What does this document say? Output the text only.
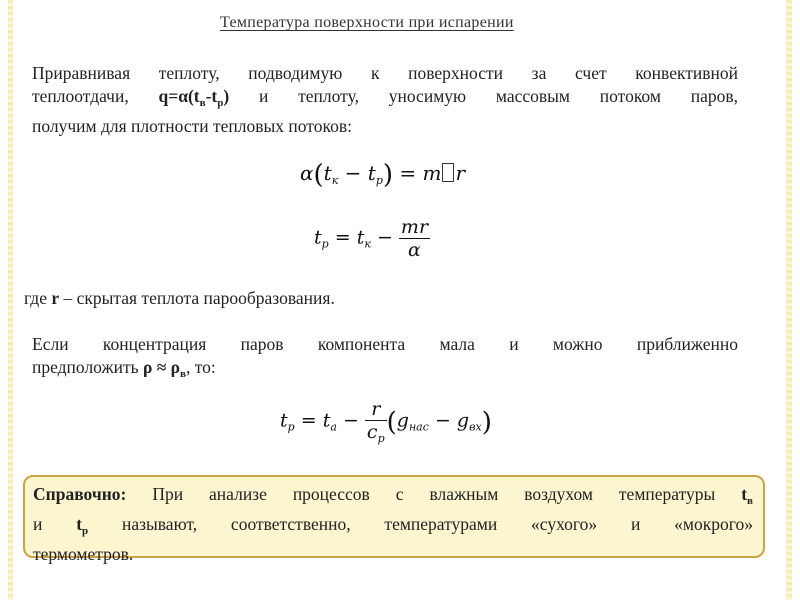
Температура поверхности при испарении
Приравнивая теплоту, подводимую к поверхности за счет конвективной
теплоотдачи, $q=\alpha(t_в-t_р)$ и теплоту, уносимую массовым потоком паров,
получим для плотности тепловых потоков:
$\alpha(t_к - t_р) = m$ r
$t_р = t_к - \frac{mr}{\alpha}$
где r – скрытая теплота парообразования.
Если концентрация паров компонента мала и можно приближенно
предположить $\rho \approx \rho_в$, то:
$t_р = t_a - \frac{r}{c_p} (g_{нас} - g_{вх})$
Справочно: При анализе процессов с влажным воздухом температуры $t_в$
и $t_р$ называют, соответственно, температурами «сухого» и «мокрого»
термометров.
